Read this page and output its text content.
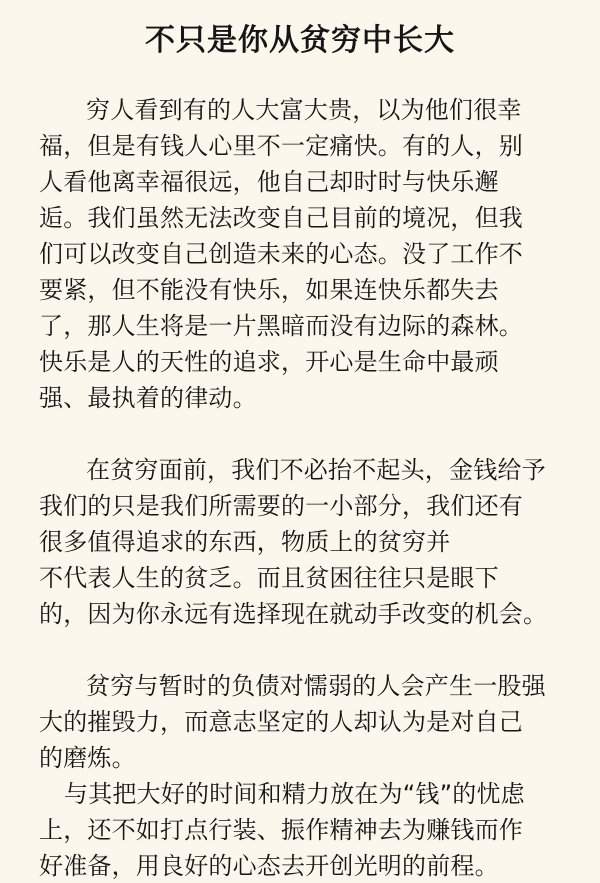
不只是你从贫穷中长大
穷人看到有的人大富大贵，以为他们很幸
福，但是有钱人心里不一定痛快。有的人，别
人看他离幸福很远，他自己却时时与快乐邂
逅。我们虽然无法改变自己目前的境况，但我
们可以改变自己创造未来的心态。没了工作不
要紧，但不能没有快乐，如果连快乐都失去
了，那人生将是一片黑暗而没有边际的森林。
快乐是人的天性的追求，开心是生命中最顽
强、最执着的律动。
在贫穷面前，我们不必抬不起头，金钱给予
我们的只是我们所需要的一小部分，我们还有
很多值得追求的东西，物质上的贫穷并
不代表人生的贫乏。而且贫困往往只是眼下
的，因为你永远有选择现在就动手改变的机会。
贫穷与暂时的负债对懦弱的人会产生一股强
大的摧毁力，而意志坚定的人却认为是对自己
的磨炼。
与其把大好的时间和精力放在为“钱”的忧虑
上，还不如打点行装、振作精神去为赚钱而作
好准备，用良好的心态去开创光明的前程。
